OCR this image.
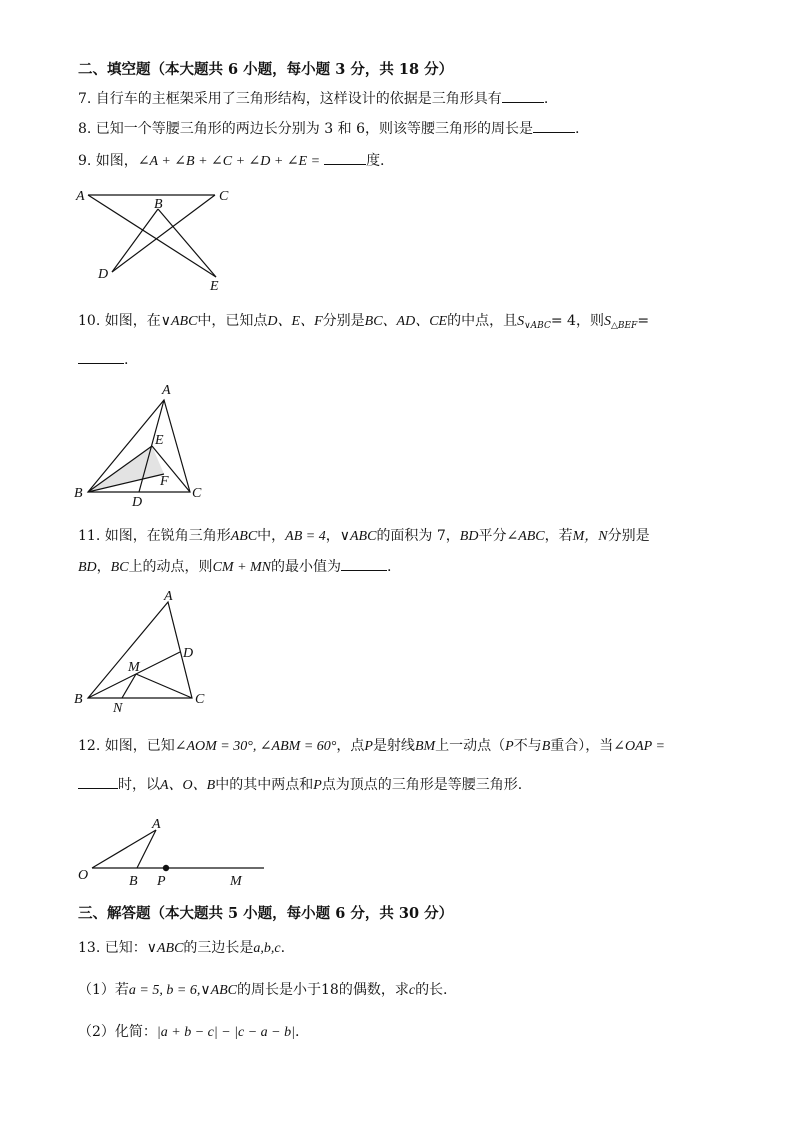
二、填空题（本大题共 6 小题，每小题 3 分，共 18 分）
7. 自行车的主框架采用了三角形结构，这样设计的依据是三角形具有	.
8. 已知一个等腰三角形的两边长分别为 3 和 6，则该等腰三角形的周长是	.
9. 如图，∠A + ∠B + ∠C + ∠D + ∠E =	度.
A
B
C
D
E
10. 如图，在∨ABC中，已知点D、E、F分别是BC、AD、CE的中点，且$S_{\vee ABC}= 4$，则$S_{\triangle BEF}=$
.
A
B	C
D
E
F
11. 如图，在锐角三角形ABC中，AB = 4，∨ABC的面积为 7，BD平分∠ABC，若M，N分别是
BD，BC上的动点，则CM + MN的最小值为	.
A
B	C
D
M
N
12. 如图，已知∠AOM = 30°, ∠ABM = 60°，点P是射线BM上一动点（P不与B重合），当∠OAP =
时，以A、O、B中的其中两点和P点为顶点的三角形是等腰三角形.
A
O	B P	M
三、解答题（本大题共 5 小题，每小题 6 分，共 30 分）
13. 已知：∨ABC的三边长是a,b,c.
（1）若a = 5, b = 6,∨ABC的周长是小于18的偶数，求c的长.
（2）化简：|a + b − c| − |c − a − b|.
